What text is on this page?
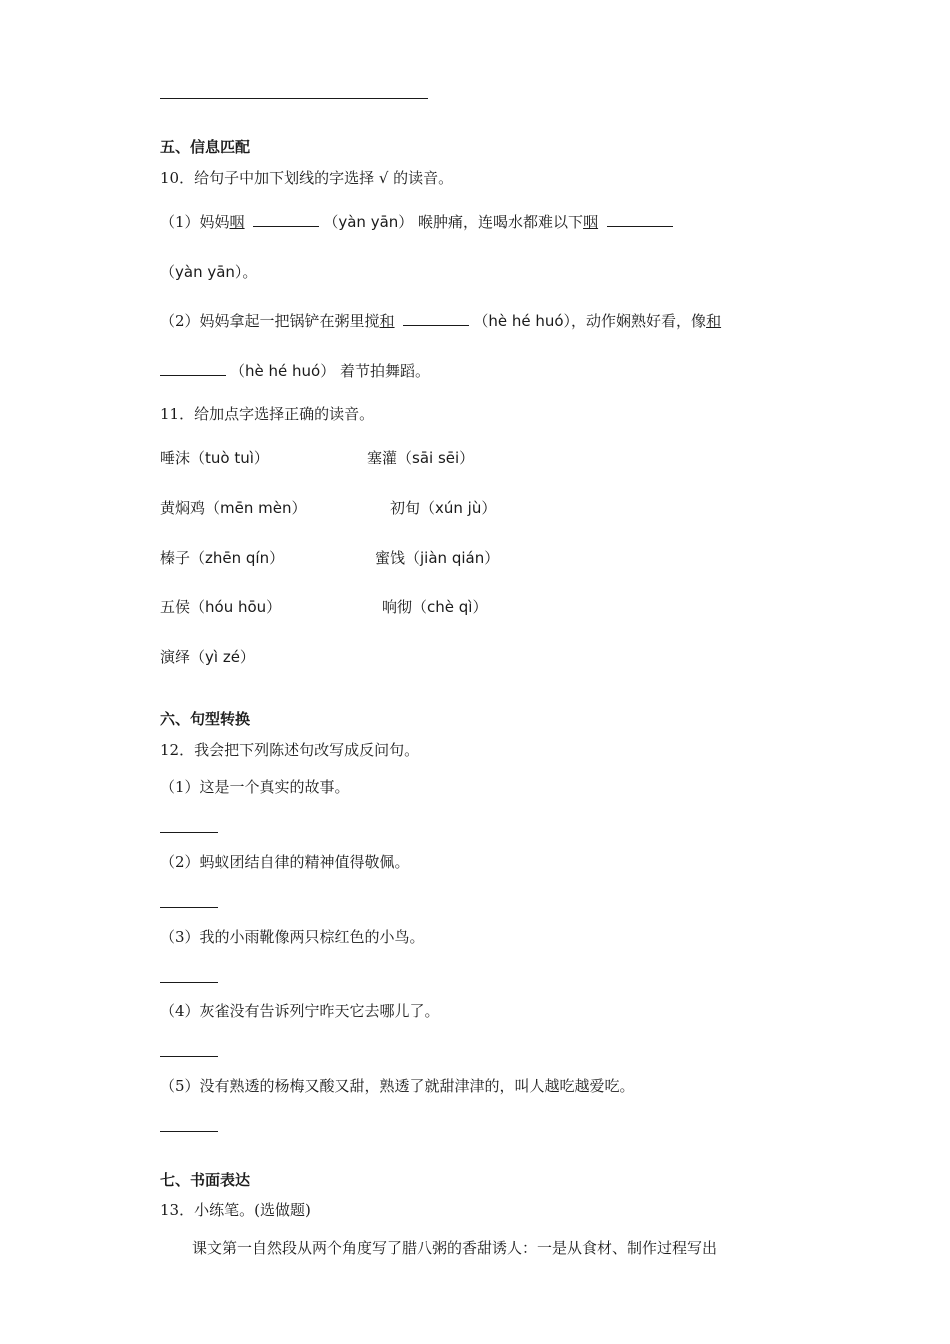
五、信息匹配
10．给句子中加下划线的字选择 √ 的读音。
（1）妈妈咽	（yàn yān） 喉肿痛，连喝水都难以下咽
（yàn yān）。
（2）妈妈拿起一把锅铲在粥里搅和	（hè hé huó），动作娴熟好看，像和
（hè hé huó） 着节拍舞蹈。
11．给加点字选择正确的读音。
唾沫（tuò tuì）	塞灌（sāi sēi）
黄焖鸡（mēn mèn）	初旬（xún jù）
榛子（zhēn qín）	蜜饯（jiàn qián）
五侯（hóu hōu）	响彻（chè qì）
演绎（yì zé）
六、句型转换
12．我会把下列陈述句改写成反问句。
（1）这是一个真实的故事。
（2）蚂蚁团结自律的精神值得敬佩。
（3）我的小雨靴像两只棕红色的小鸟。
（4）灰雀没有告诉列宁昨天它去哪儿了。
（5）没有熟透的杨梅又酸又甜，熟透了就甜津津的，叫人越吃越爱吃。
七、书面表达
13．小练笔。(选做题)
课文第一自然段从两个角度写了腊八粥的香甜诱人：一是从食材、制作过程写出
